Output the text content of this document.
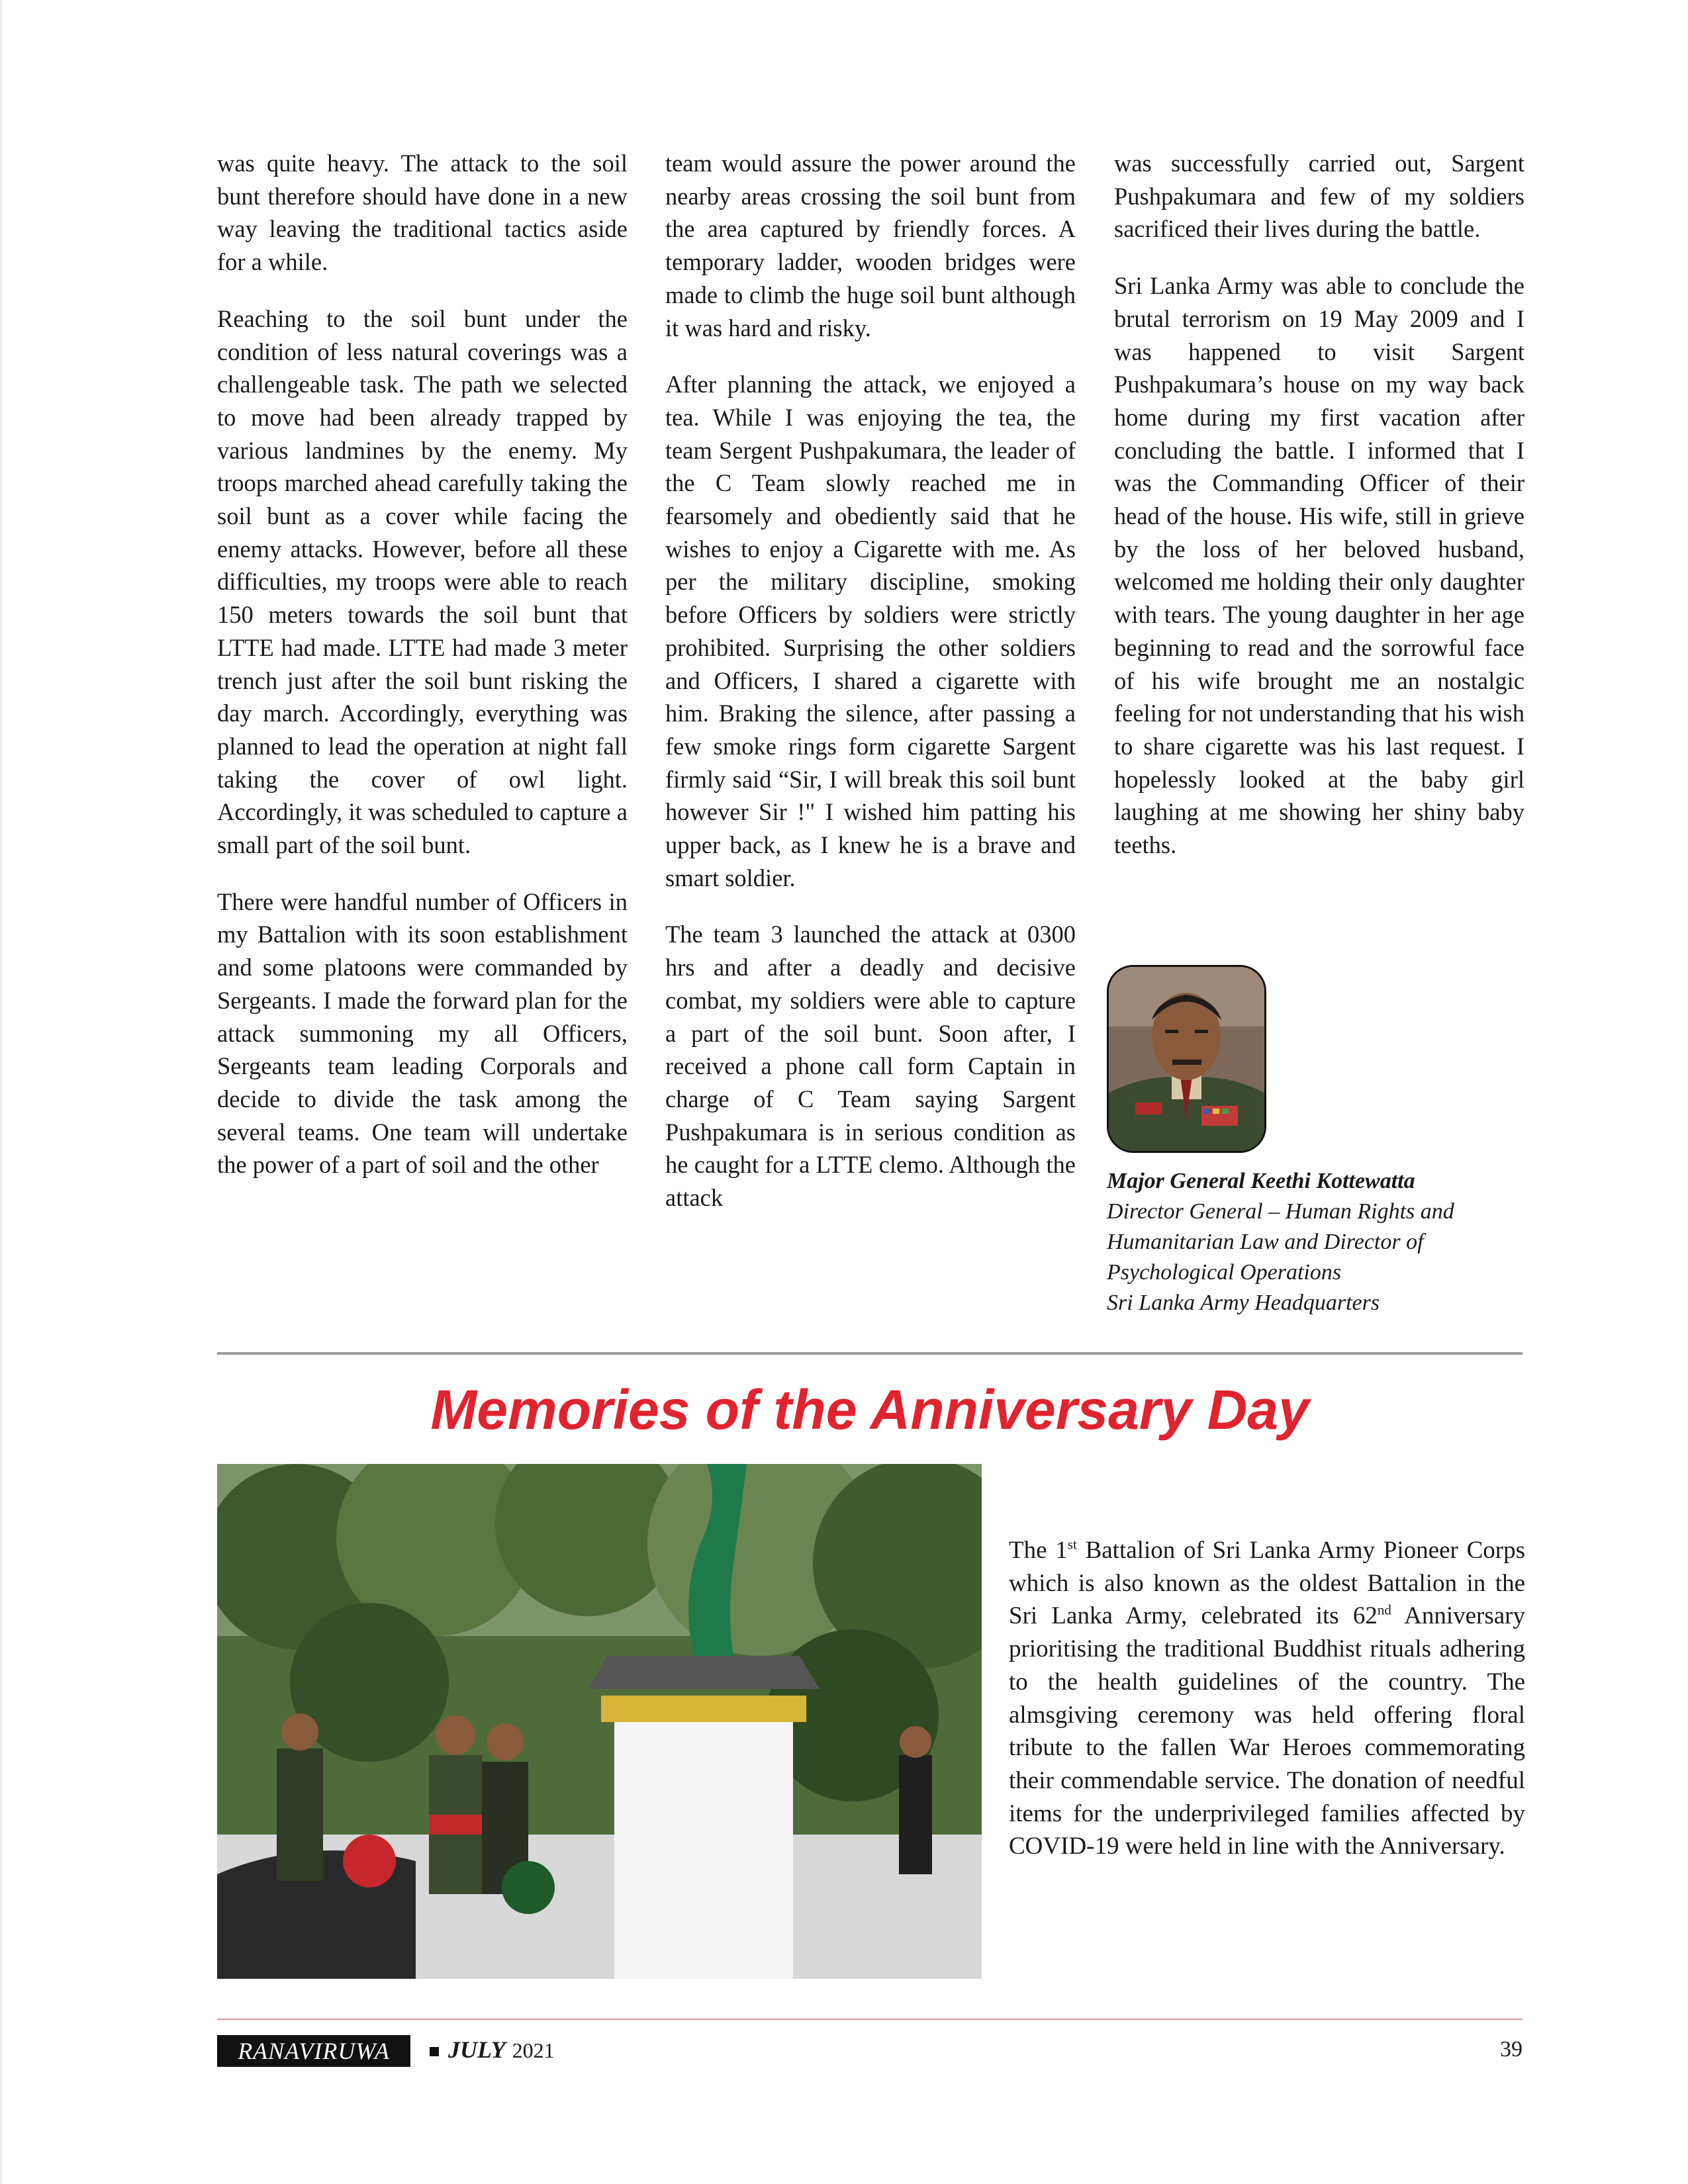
was quite heavy. The attack to the soil bunt therefore should have done in a new way leaving the traditional tactics aside for a while.

Reaching to the soil bunt under the condition of less natural coverings was a challengeable task. The path we selected to move had been already trapped by various landmines by the enemy. My troops marched ahead carefully taking the soil bunt as a cover while facing the enemy attacks. However, before all these difficulties, my troops were able to reach 150 meters towards the soil bunt that LTTE had made. LTTE had made 3 meter trench just after the soil bunt risking the day march. Accordingly, everything was planned to lead the operation at night fall taking the cover of owl light. Accordingly, it was scheduled to capture a small part of the soil bunt.

There were handful number of Officers in my Battalion with its soon establishment and some platoons were commanded by Sergeants. I made the forward plan for the attack summoning my all Officers, Sergeants team leading Corporals and decide to divide the task among the several teams. One team will undertake the power of a part of soil and the other

team would assure the power around the nearby areas crossing the soil bunt from the area captured by friendly forces. A temporary ladder, wooden bridges were made to climb the huge soil bunt although it was hard and risky.

After planning the attack, we enjoyed a tea. While I was enjoying the tea, the team Sergent Pushpakumara, the leader of the C Team slowly reached me in fearsomely and obediently said that he wishes to enjoy a Cigarette with me. As per the military discipline, smoking before Officers by soldiers were strictly prohibited. Surprising the other soldiers and Officers, I shared a cigarette with him. Braking the silence, after passing a few smoke rings form cigarette Sargent firmly said “Sir, I will break this soil bunt however Sir !" I wished him patting his upper back, as I knew he is a brave and smart soldier.

The team 3 launched the attack at 0300 hrs and after a deadly and decisive combat, my soldiers were able to capture a part of the soil bunt. Soon after, I received a phone call form Captain in charge of C Team saying Sargent Pushpakumara is in serious condition as he caught for a LTTE clemo. Although the attack

was successfully carried out, Sargent Pushpakumara and few of my soldiers sacrificed their lives during the battle.

Sri Lanka Army was able to conclude the brutal terrorism on 19 May 2009 and I was happened to visit Sargent Pushpakumara’s house on my way back home during my first vacation after concluding the battle. I informed that I was the Commanding Officer of their head of the house. His wife, still in grieve by the loss of her beloved husband, welcomed me holding their only daughter with tears. The young daughter in her age beginning to read and the sorrowful face of his wife brought me an nostalgic feeling for not understanding that his wish to share cigarette was his last request. I hopelessly looked at the baby girl laughing at me showing her shiny baby teeths.

Major General Keethi Kottewatta
Director General – Human Rights and
Humanitarian Law and Director of
Psychological Operations
Sri Lanka Army Headquarters
Memories of the Anniversary Day
The 1st Battalion of Sri Lanka Army Pioneer Corps which is also known as the oldest Battalion in the Sri Lanka Army, celebrated its 62nd Anniversary prioritising the traditional Buddhist rituals adhering to the health guidelines of the country. The almsgiving ceremony was held offering floral tribute to the fallen War Heroes commemorating their commendable service. The donation of needful items for the underprivileged families affected by COVID-19 were held in line with the Anniversary.
RANAVIRUWA	JULY 2021	39
